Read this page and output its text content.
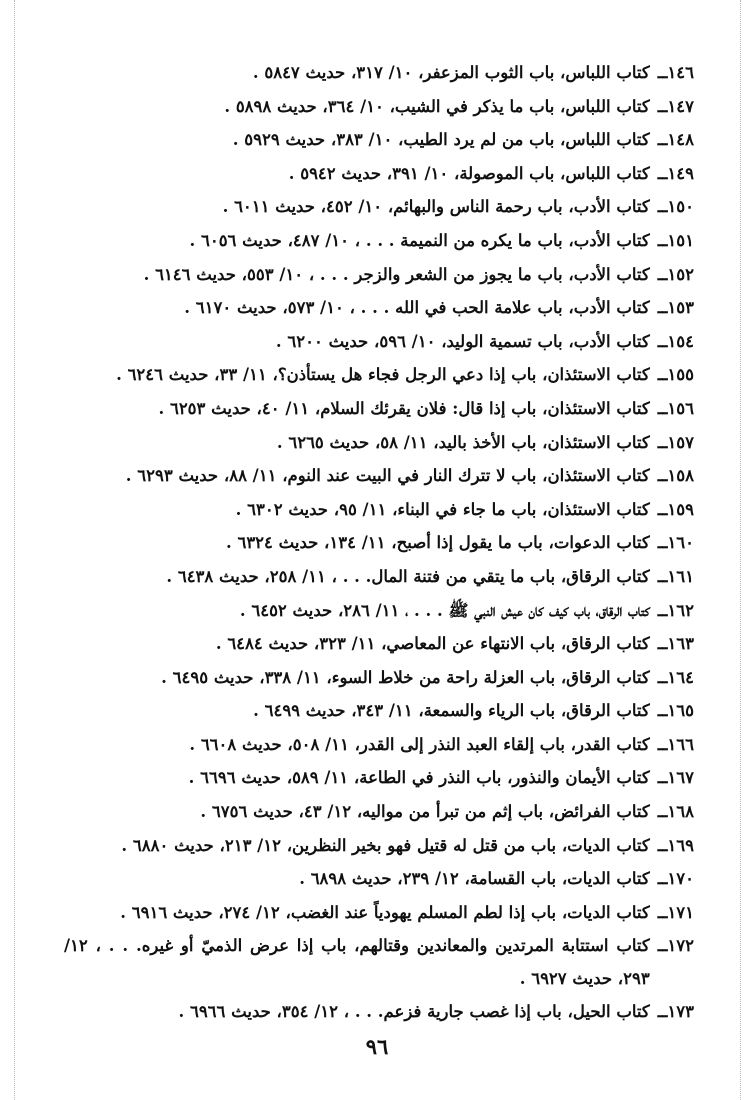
١٤٦ــ
كتاب اللباس، باب الثوب المزعفر، ١٠/ ٣١٧، حديث ٥٨٤٧ .
١٤٧ــ
كتاب اللباس، باب ما يذكر في الشيب، ١٠/ ٣٦٤، حديث ٥٨٩٨ .
١٤٨ــ
كتاب اللباس، باب من لم يرد الطيب، ١٠/ ٣٨٣، حديث ٥٩٢٩ .
١٤٩ــ
كتاب اللباس، باب الموصولة، ١٠/ ٣٩١، حديث ٥٩٤٢ .
١٥٠ــ
كتاب الأدب، باب رحمة الناس والبهائم، ١٠/ ٤٥٢، حديث ٦٠١١ .
١٥١ــ
كتاب الأدب، باب ما يكره من النميمة . . . ، ١٠/ ٤٨٧، حديث ٦٠٥٦ .
١٥٢ــ
كتاب الأدب، باب ما يجوز من الشعر والزجر . . . ، ١٠/ ٥٥٣، حديث ٦١٤٦ .
١٥٣ــ
كتاب الأدب، باب علامة الحب في الله . . . ، ١٠/ ٥٧٣، حديث ٦١٧٠ .
١٥٤ــ
كتاب الأدب، باب تسمية الوليد، ١٠/ ٥٩٦، حديث ٦٢٠٠ .
١٥٥ــ
كتاب الاستئذان، باب إذا دعي الرجل فجاء هل يستأذن؟، ١١/ ٣٣، حديث ٦٢٤٦ .
١٥٦ــ
كتاب الاستئذان، باب إذا قال: فلان يقرئك السلام، ١١/ ٤٠، حديث ٦٢٥٣ .
١٥٧ــ
كتاب الاستئذان، باب الأخذ باليد، ١١/ ٥٨، حديث ٦٢٦٥ .
١٥٨ــ
كتاب الاستئذان، باب لا تترك النار في البيت عند النوم، ١١/ ٨٨، حديث ٦٢٩٣ .
١٥٩ــ
كتاب الاستئذان، باب ما جاء في البناء، ١١/ ٩٥، حديث ٦٣٠٢ .
١٦٠ــ
كتاب الدعوات، باب ما يقول إذا أصبح، ١١/ ١٣٤، حديث ٦٣٢٤ .
١٦١ــ
كتاب الرقاق، باب ما يتقي من فتنة المال. . . ، ١١/ ٢٥٨، حديث ٦٤٣٨ .
١٦٢ــ
كتاب الرقاق، باب كيف كان عيش النبي ﷺ . . . ، ١١/ ٢٨٦، حديث ٦٤٥٢ .
١٦٣ــ
كتاب الرقاق، باب الانتهاء عن المعاصي، ١١/ ٣٢٣، حديث ٦٤٨٤ .
١٦٤ــ
كتاب الرقاق، باب العزلة راحة من خلاط السوء، ١١/ ٣٣٨، حديث ٦٤٩٥ .
١٦٥ــ
كتاب الرقاق، باب الرياء والسمعة، ١١/ ٣٤٣، حديث ٦٤٩٩ .
١٦٦ــ
كتاب القدر، باب إلقاء العبد النذر إلى القدر، ١١/ ٥٠٨، حديث ٦٦٠٨ .
١٦٧ــ
كتاب الأيمان والنذور، باب النذر في الطاعة، ١١/ ٥٨٩، حديث ٦٦٩٦ .
١٦٨ــ
كتاب الفرائض، باب إثم من تبرأ من مواليه، ١٢/ ٤٣، حديث ٦٧٥٦ .
١٦٩ــ
كتاب الديات، باب من قتل له قتيل فهو بخير النظرين، ١٢/ ٢١٣، حديث ٦٨٨٠ .
١٧٠ــ
كتاب الديات، باب القسامة، ١٢/ ٢٣٩، حديث ٦٨٩٨ .
١٧١ــ
كتاب الديات، باب إذا لطم المسلم يهودياً عند الغضب، ١٢/ ٢٧٤، حديث ٦٩١٦ .
١٧٢ــ
كتاب استتابة المرتدين والمعاندين وقتالهم، باب إذا عرض الذميّ أو غيره. . . ، ١٢/ ٢٩٣، حديث ٦٩٢٧ .
١٧٣ــ
كتاب الحيل، باب إذا غصب جارية فزعم. . . ، ١٢/ ٣٥٤، حديث ٦٩٦٦ .
٩٦
